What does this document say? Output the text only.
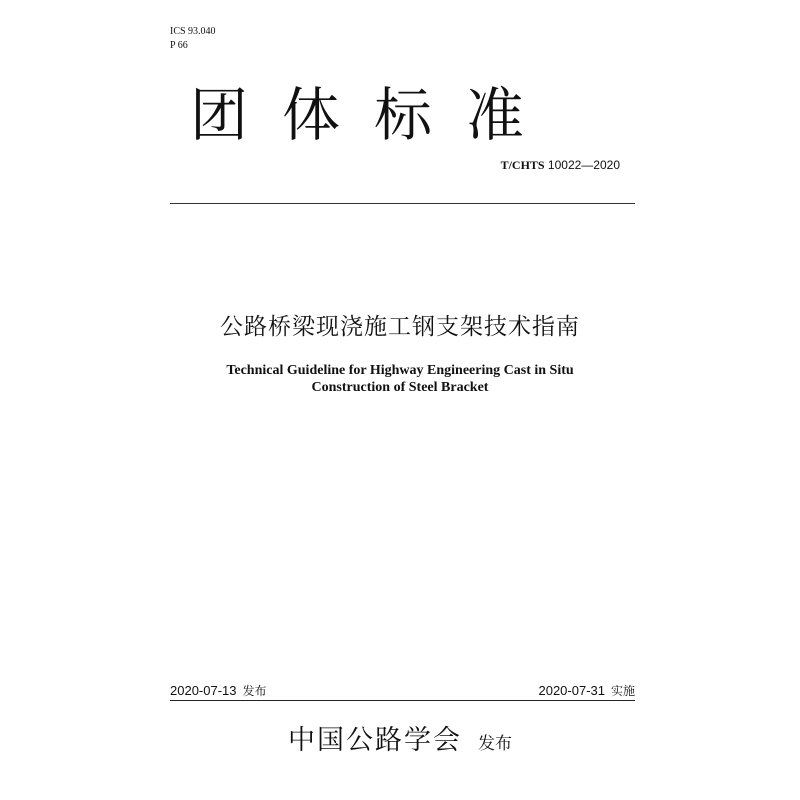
ICS 93.040
P 66
团体标准
T/CHTS 10022—2020
公路桥梁现浇施工钢支架技术指南
Technical Guideline for Highway Engineering Cast in Situ
Construction of Steel Bracket
2020-07-13 发布	2020-07-31 实施
中国公路学会 发布
